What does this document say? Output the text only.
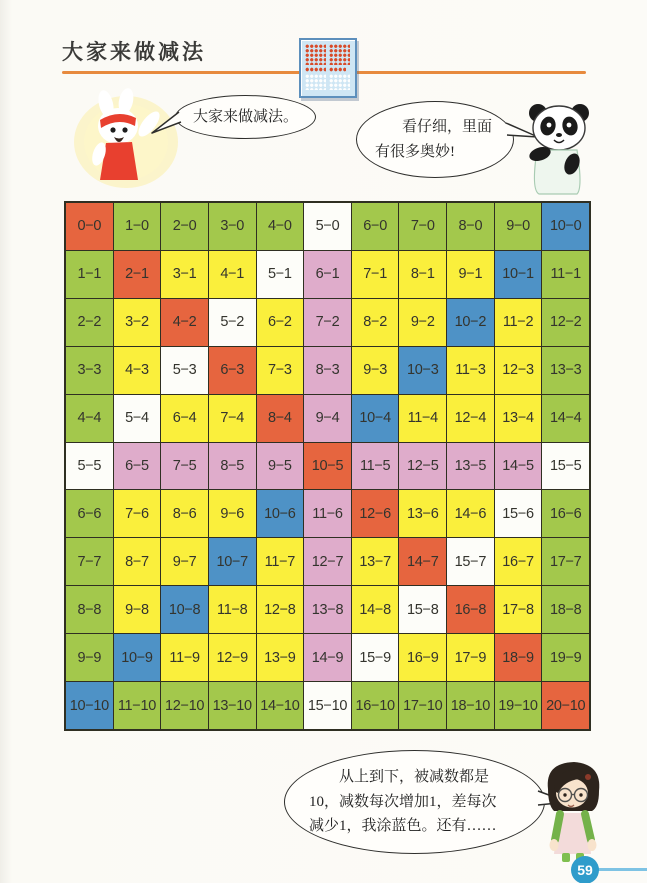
大家来做减法
大家来做减法。
看仔细，里面
有很多奥妙!
0−0	1−0	2−0	3−0	4−0	5−0	6−0	7−0	8−0	9−0	10−0
1−1	2−1	3−1	4−1	5−1	6−1	7−1	8−1	9−1	10−1	11−1
2−2	3−2	4−2	5−2	6−2	7−2	8−2	9−2	10−2	11−2	12−2
3−3	4−3	5−3	6−3	7−3	8−3	9−3	10−3	11−3	12−3	13−3
4−4	5−4	6−4	7−4	8−4	9−4	10−4	11−4	12−4	13−4	14−4
5−5	6−5	7−5	8−5	9−5	10−5	11−5	12−5	13−5	14−5	15−5
6−6	7−6	8−6	9−6	10−6	11−6	12−6	13−6	14−6	15−6	16−6
7−7	8−7	9−7	10−7	11−7	12−7	13−7	14−7	15−7	16−7	17−7
8−8	9−8	10−8	11−8	12−8	13−8	14−8	15−8	16−8	17−8	18−8
9−9	10−9	11−9	12−9	13−9	14−9	15−9	16−9	17−9	18−9	19−9
10−10 11−10 12−10 13−10 14−10 15−10 16−10 17−10 18−10 19−10 20−10
从上到下，被减数都是
10，减数每次增加1，差每次
减少1，我涂蓝色。还有……
59
